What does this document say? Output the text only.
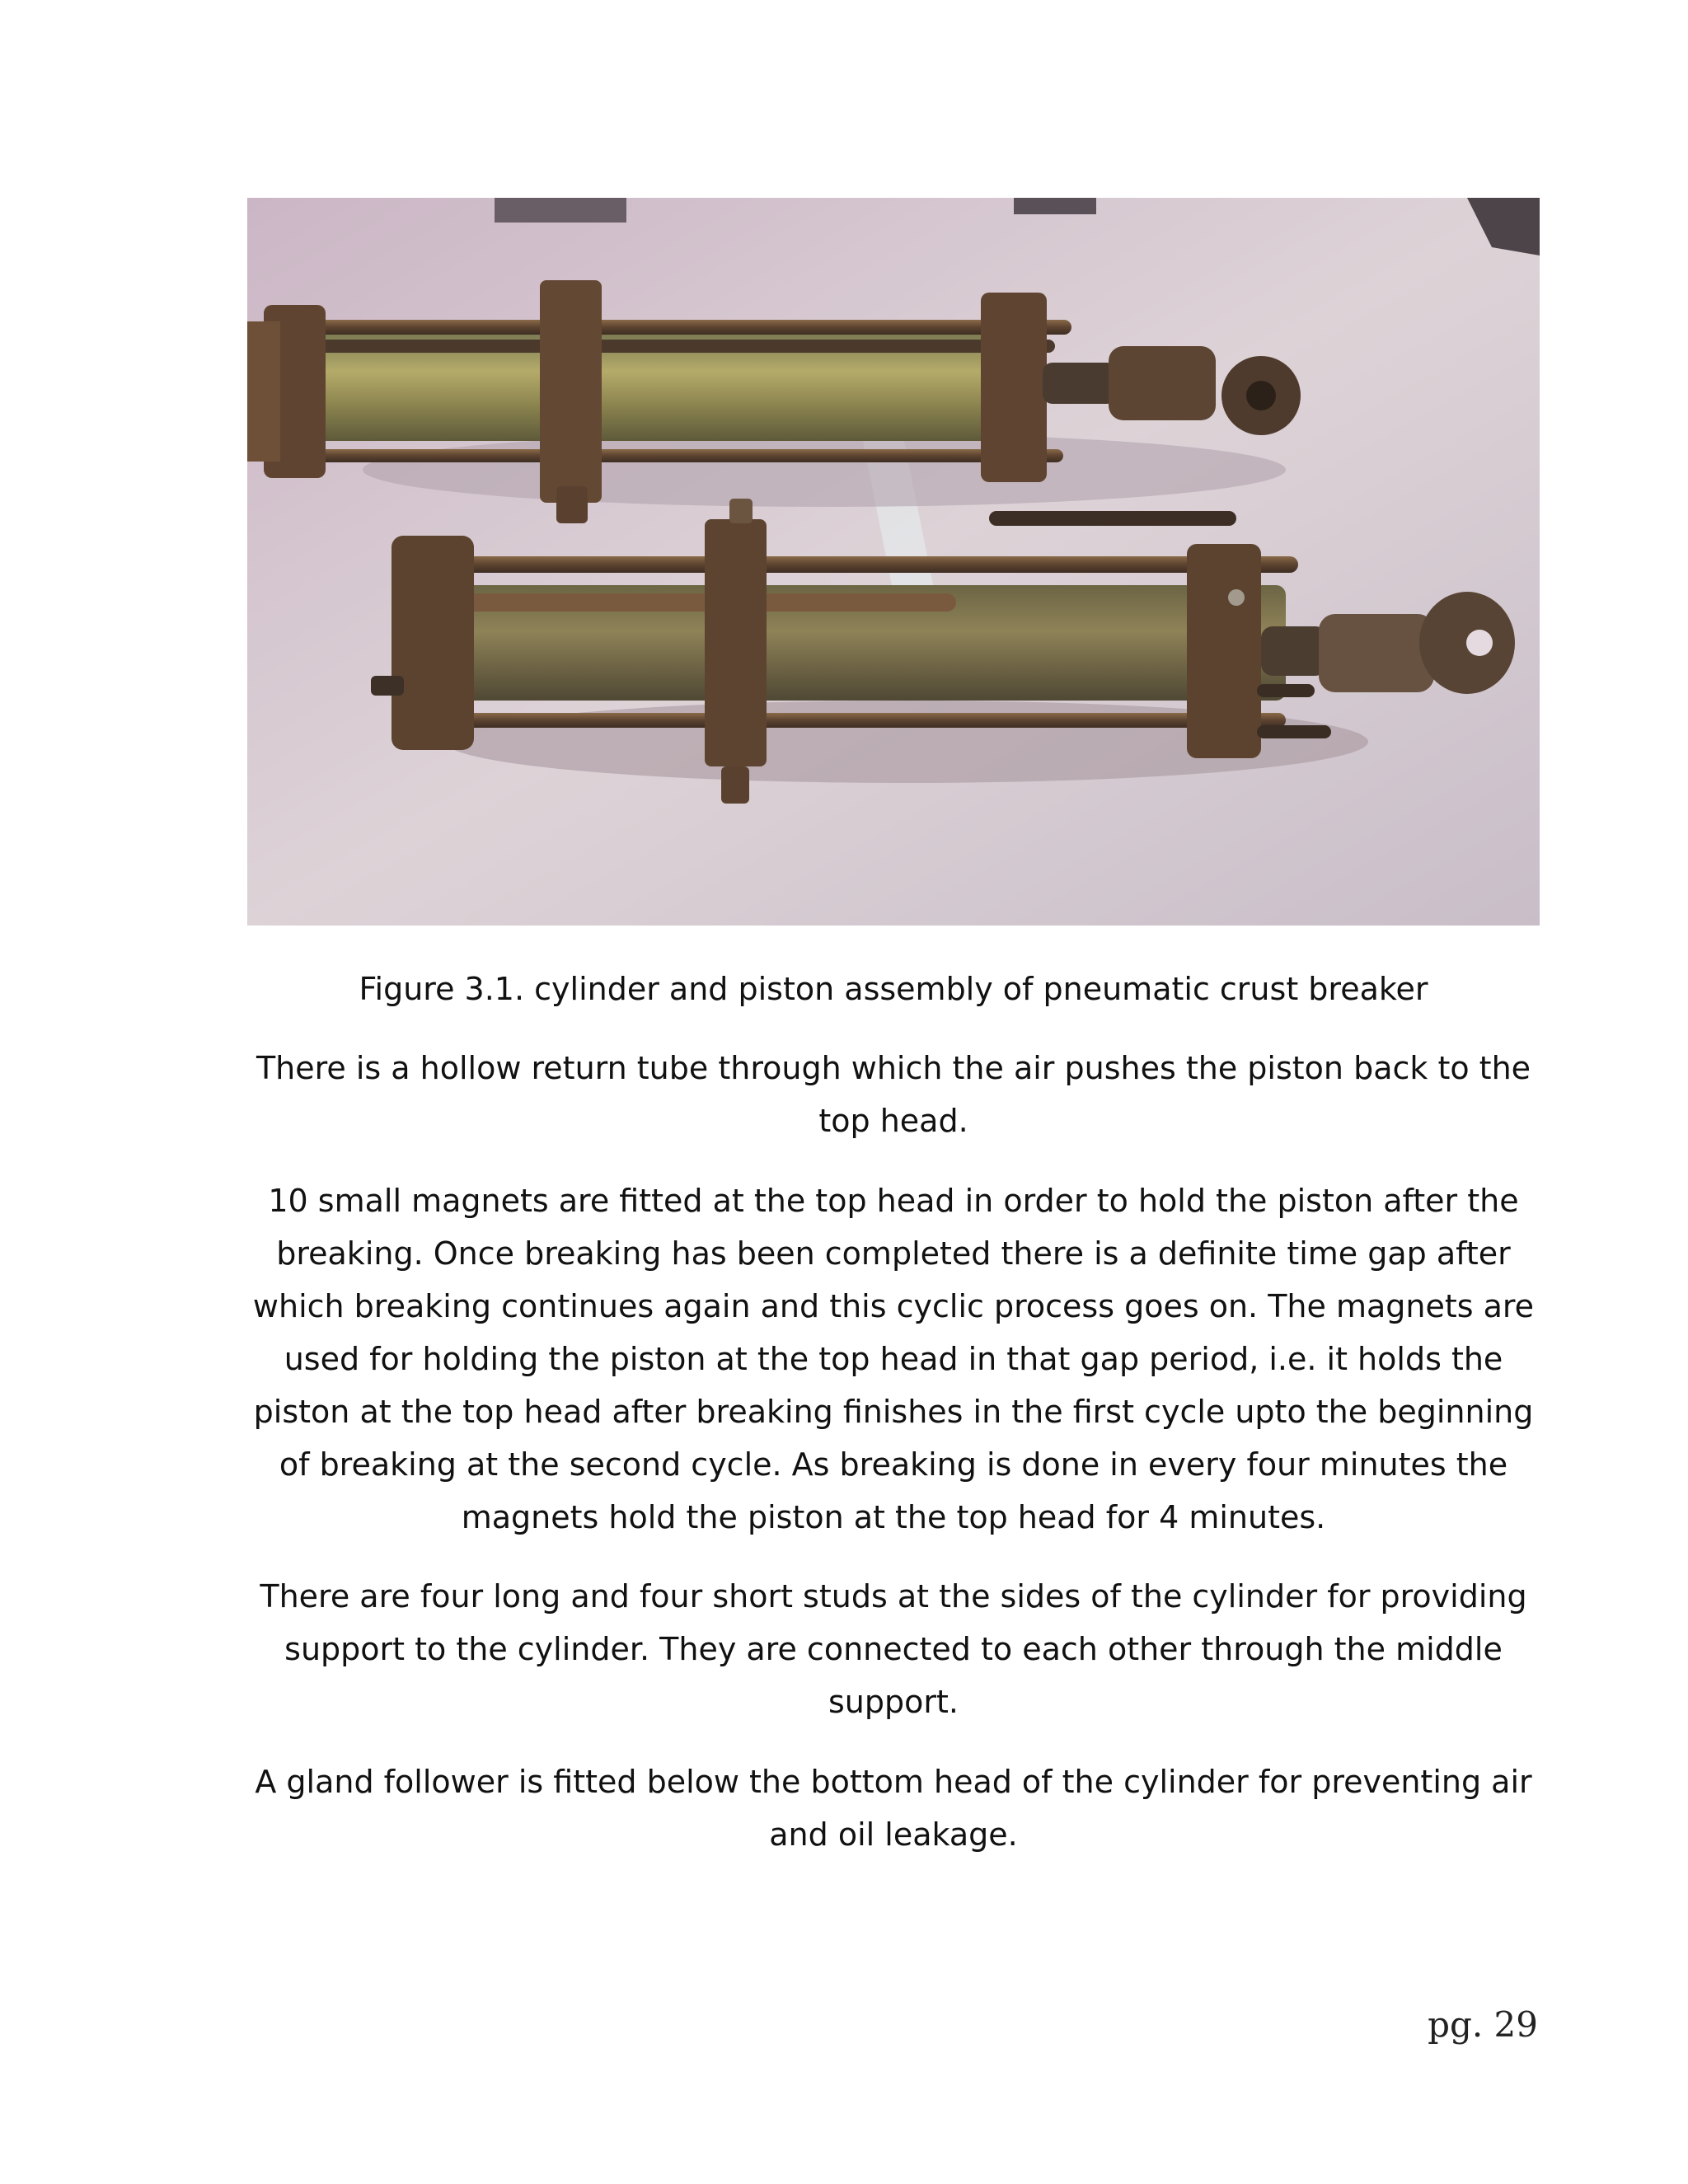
Figure 3.1. cylinder and piston assembly of pneumatic crust breaker
There is a hollow return tube through which the air pushes the piston back to the top head.
10 small magnets are fitted at the top head in order to hold the piston after the breaking. Once breaking has been completed there is a definite time gap after which breaking continues again and this cyclic process goes on. The magnets are used for holding the piston at the top head in that gap period, i.e. it holds the piston at the top head after breaking finishes in the first cycle upto the beginning of breaking at the second cycle. As breaking is done in every four minutes the magnets hold the piston at the top head for 4 minutes.
There are four long and four short studs at the sides of the cylinder for providing support to the cylinder. They are connected to each other through the middle support.
A gland follower is fitted below the bottom head of the cylinder for preventing air and oil leakage.
pg. 29
